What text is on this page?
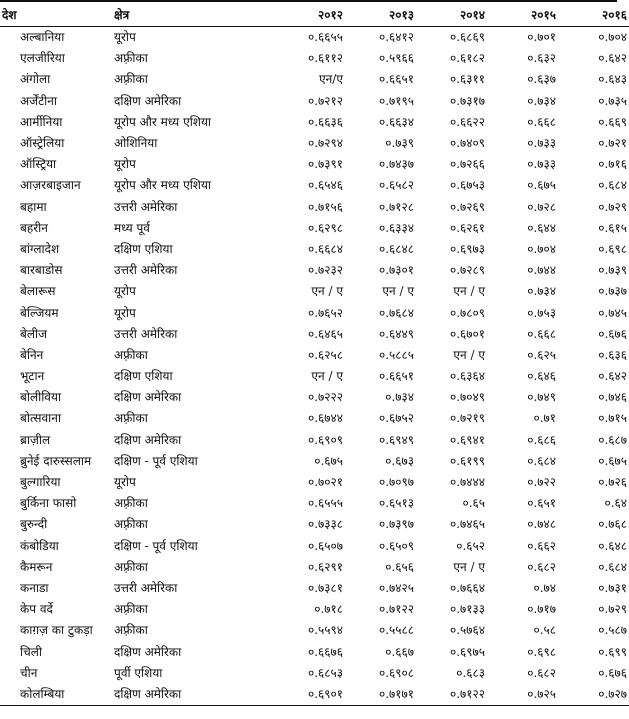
देश	क्षेत्र	२०१२	२०१३	२०१४	२०१५	२०१६
अल्बानिया	यूरोप	०.६६५५	०.६४१२	०.६८६९	०.७०१	०.७०४
एलजीरिया	अफ़्रीका	०.६११२	०.५९६६	०.६१८२	०.६३२	०.६४२
अंगोला	अफ़्रीका	एन/ए	०.६६५१	०.६३११	०.६३७	०.६४३
अर्जेंटीना	दक्षिण अमेरिका	०.७२१२	०.७१९५	०.७३१७	०.७३४	०.७३५
आर्मीनिया	यूरोप और मध्य एशिया	०.६६३६	०.६६३४	०.६६२२	०.६६८	०.६६९
ऑस्ट्रेलिया	ओशिनिया	०.७२९४	०.७३९	०.७४०९	०.७३३	०.७२१
ऑस्ट्रिया	यूरोप	०.७३९१	०.७४३७	०.७२६६	०.७३३	०.७१६
आज़रबाइजान	यूरोप और मध्य एशिया	०.६५४६	०.६५८२	०.६७५३	०.६७५	०.६८४
बहामा	उत्तरी अमेरिका	०.७१५६	०.७१२८	०.७२६९	०.७२८	०.७२९
बहरीन	मध्य पूर्व	०.६२९८	०.६३३४	०.६२६१	०.६४४	०.६१५
बांग्लादेश	दक्षिण एशिया	०.६६८४	०.६८४८	०.६९७३	०.७०४	०.६९८
बारबाडोस	उत्तरी अमेरिका	०.७२३२	०.७३०१	०.७२८९	०.७४४	०.७३९
बेलारूस	यूरोप	एन / ए	एन / ए	एन / ए	०.७३४	०.७३७
बेल्जियम	यूरोप	०.७६५२	०.७६८४	०.७८०९	०.७५३	०.७४५
बेलीज	उत्तरी अमेरिका	०.६४६५	०.६४४९	०.६७०१	०.६६८	०.६७६
बेनिन	अफ़्रीका	०.६२५८	०.५८८५	एन / ए	०.६२५	०.६३६
भूटान	दक्षिण एशिया	एन / ए	०.६६५१	०.६३६४	०.६४६	०.६४२
बोलीविया	दक्षिण अमेरिका	०.७२२२	०.७३४	०.७०४९	०.७४९	०.७४६
बोत्सवाना	अफ़्रीका	०.६७४४	०.६७५२	०.७२१९	०.७१	०.७१५
ब्राज़ील	दक्षिण अमेरिका	०.६९०९	०.६९४९	०.६९४१	०.६८६	०.६८७
ब्रुनेई दारुस्सलाम	दक्षिण - पूर्व एशिया	०.६७५	०.६७३	०.६१९९	०.६८४	०.६७५
बुल्गारिया	यूरोप	०.७०२१	०.७०९७	०.७४४४	०.७२२	०.७२६
बुर्किना फासो	अफ़्रीका	०.६५५५	०.६५१३	०.६५	०.६५१	०.६४
बुरुन्दी	अफ़्रीका	०.७३३८	०.७३९७	०.७४६५	०.७४८	०.७६८
कंबोडिया	दक्षिण - पूर्व एशिया	०.६५०७	०.६५०९	०.६५२	०.६६२	०.६४८
कैमरून	अफ़्रीका	०.६२९१	०.६५६	एन / ए	०.६८२	०.६८४
कनाडा	उत्तरी अमेरिका	०.७३८१	०.७४२५	०.७६६४	०.७४	०.७३१
केप वर्दे	अफ़्रीका	०.७१८	०.७१२२	०.७१३३	०.७१७	०.७२९
काग़ज़ का टुकड़ा	अफ़्रीका	०.५५९४	०.५५८८	०.५७६४	०.५८	०.५८७
चिली	दक्षिण अमेरिका	०.६६७६	०.६६७	०.६९७५	०.६९८	०.६९९
चीन	पूर्वी एशिया	०.६८५३	०.६९०८	०.६८३	०.६८२	०.६७६
कोलम्बिया	दक्षिण अमेरिका	०.६९०१	०.७१७१	०.७१२२	०.७२५	०.७२७
